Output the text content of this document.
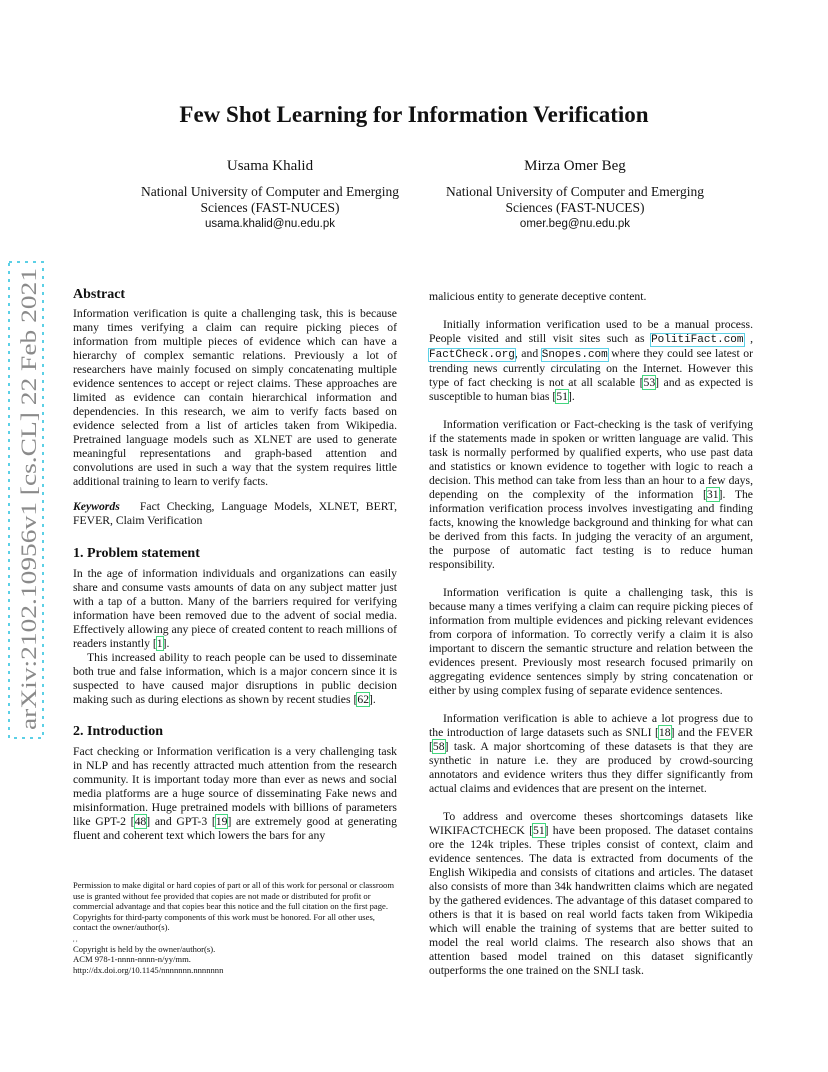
Few Shot Learning for Information Verification
Usama Khalid
National University of Computer and Emerging
Sciences (FAST-NUCES)
usama.khalid@nu.edu.pk
Mirza Omer Beg
National University of Computer and Emerging
Sciences (FAST-NUCES)
omer.beg@nu.edu.pk
arXiv:2102.10956v1 [cs.CL] 22 Feb 2021
Abstract

Information verification is quite a challenging task, this is because many times verifying a claim can require picking pieces of information from multiple pieces of evidence which can have a hierarchy of complex semantic relations. Previously a lot of researchers have mainly focused on simply concatenating multiple evidence sentences to accept or reject claims. These approaches are limited as evidence can contain hierarchical information and dependencies. In this research, we aim to verify facts based on evidence selected from a list of articles taken from Wikipedia. Pretrained language models such as XLNET are used to generate meaningful representations and graph-based attention and convolutions are used in such a way that the system requires little additional training to learn to verify facts.

Keywords Fact Checking, Language Models, XLNET, BERT, FEVER, Claim Verification

1. Problem statement

In the age of information individuals and organizations can easily share and consume vasts amounts of data on any subject matter just with a tap of a button. Many of the barriers required for verifying information have been removed due to the advent of social media. Effectively allowing any piece of created content to reach millions of readers instantly [1].

This increased ability to reach people can be used to disseminate both true and false information, which is a major concern since it is suspected to have caused major disruptions in public decision making such as during elections as shown by recent studies [62].

2. Introduction

Fact checking or Information verification is a very challenging task in NLP and has recently attracted much attention from the research community. It is important today more than ever as news and social media platforms are a huge source of disseminating Fake news and misinformation. Huge pretrained models with billions of parameters like GPT-2 [48] and GPT-3 [19] are extremely good at generating fluent and coherent text which lowers the bars for any

Permission to make digital or hard copies of part or all of this work for personal or classroom use is granted without fee provided that copies are not made or distributed for profit or commercial advantage and that copies bear this notice and the full citation on the first page. Copyrights for third-party components of this work must be honored. For all other uses, contact the owner/author(s).

, ,

Copyright is held by the owner/author(s).

ACM 978-1-nnnn-nnnn-n/yy/mm.

http://dx.doi.org/10.1145/nnnnnnn.nnnnnnn

malicious entity to generate deceptive content.

Initially information verification used to be a manual process. People visited and still visit sites such as PolitiFact.com , FactCheck.org, and Snopes.com where they could see latest or trending news currently circulating on the Internet. However this type of fact checking is not at all scalable [53] and as expected is susceptible to human bias [51].

Information verification or Fact-checking is the task of verifying if the statements made in spoken or written language are valid. This task is normally performed by qualified experts, who use past data and statistics or known evidence to together with logic to reach a decision. This method can take from less than an hour to a few days, depending on the complexity of the information [31]. The information verification process involves investigating and finding facts, knowing the knowledge background and thinking for what can be derived from this facts. In judging the veracity of an argument, the purpose of automatic fact testing is to reduce human responsibility.

Information verification is quite a challenging task, this is because many a times verifying a claim can require picking pieces of information from multiple evidences and picking relevant evidences from corpora of information. To correctly verify a claim it is also important to discern the semantic structure and relation between the evidences present. Previously most research focused primarily on aggregating evidence sentences simply by string concatenation or either by using complex fusing of separate evidence sentences.

Information verification is able to achieve a lot progress due to the introduction of large datasets such as SNLI [18] and the FEVER [58] task. A major shortcoming of these datasets is that they are synthetic in nature i.e. they are produced by crowd-sourcing annotators and evidence writers thus they differ significantly from actual claims and evidences that are present on the internet.

To address and overcome theses shortcomings datasets like WIKIFACTCHECK [51] have been proposed. The dataset contains ore the 124k triples. These triples consist of context, claim and evidence sentences. The data is extracted from documents of the English Wikipedia and consists of citations and articles. The dataset also consists of more than 34k handwritten claims which are negated by the gathered evidences. The advantage of this dataset compared to others is that it is based on real world facts taken from Wikipedia which will enable the training of systems that are better suited to model the real world claims. The research also shows that an attention based model trained on this dataset significantly outperforms the one trained on the SNLI task.
